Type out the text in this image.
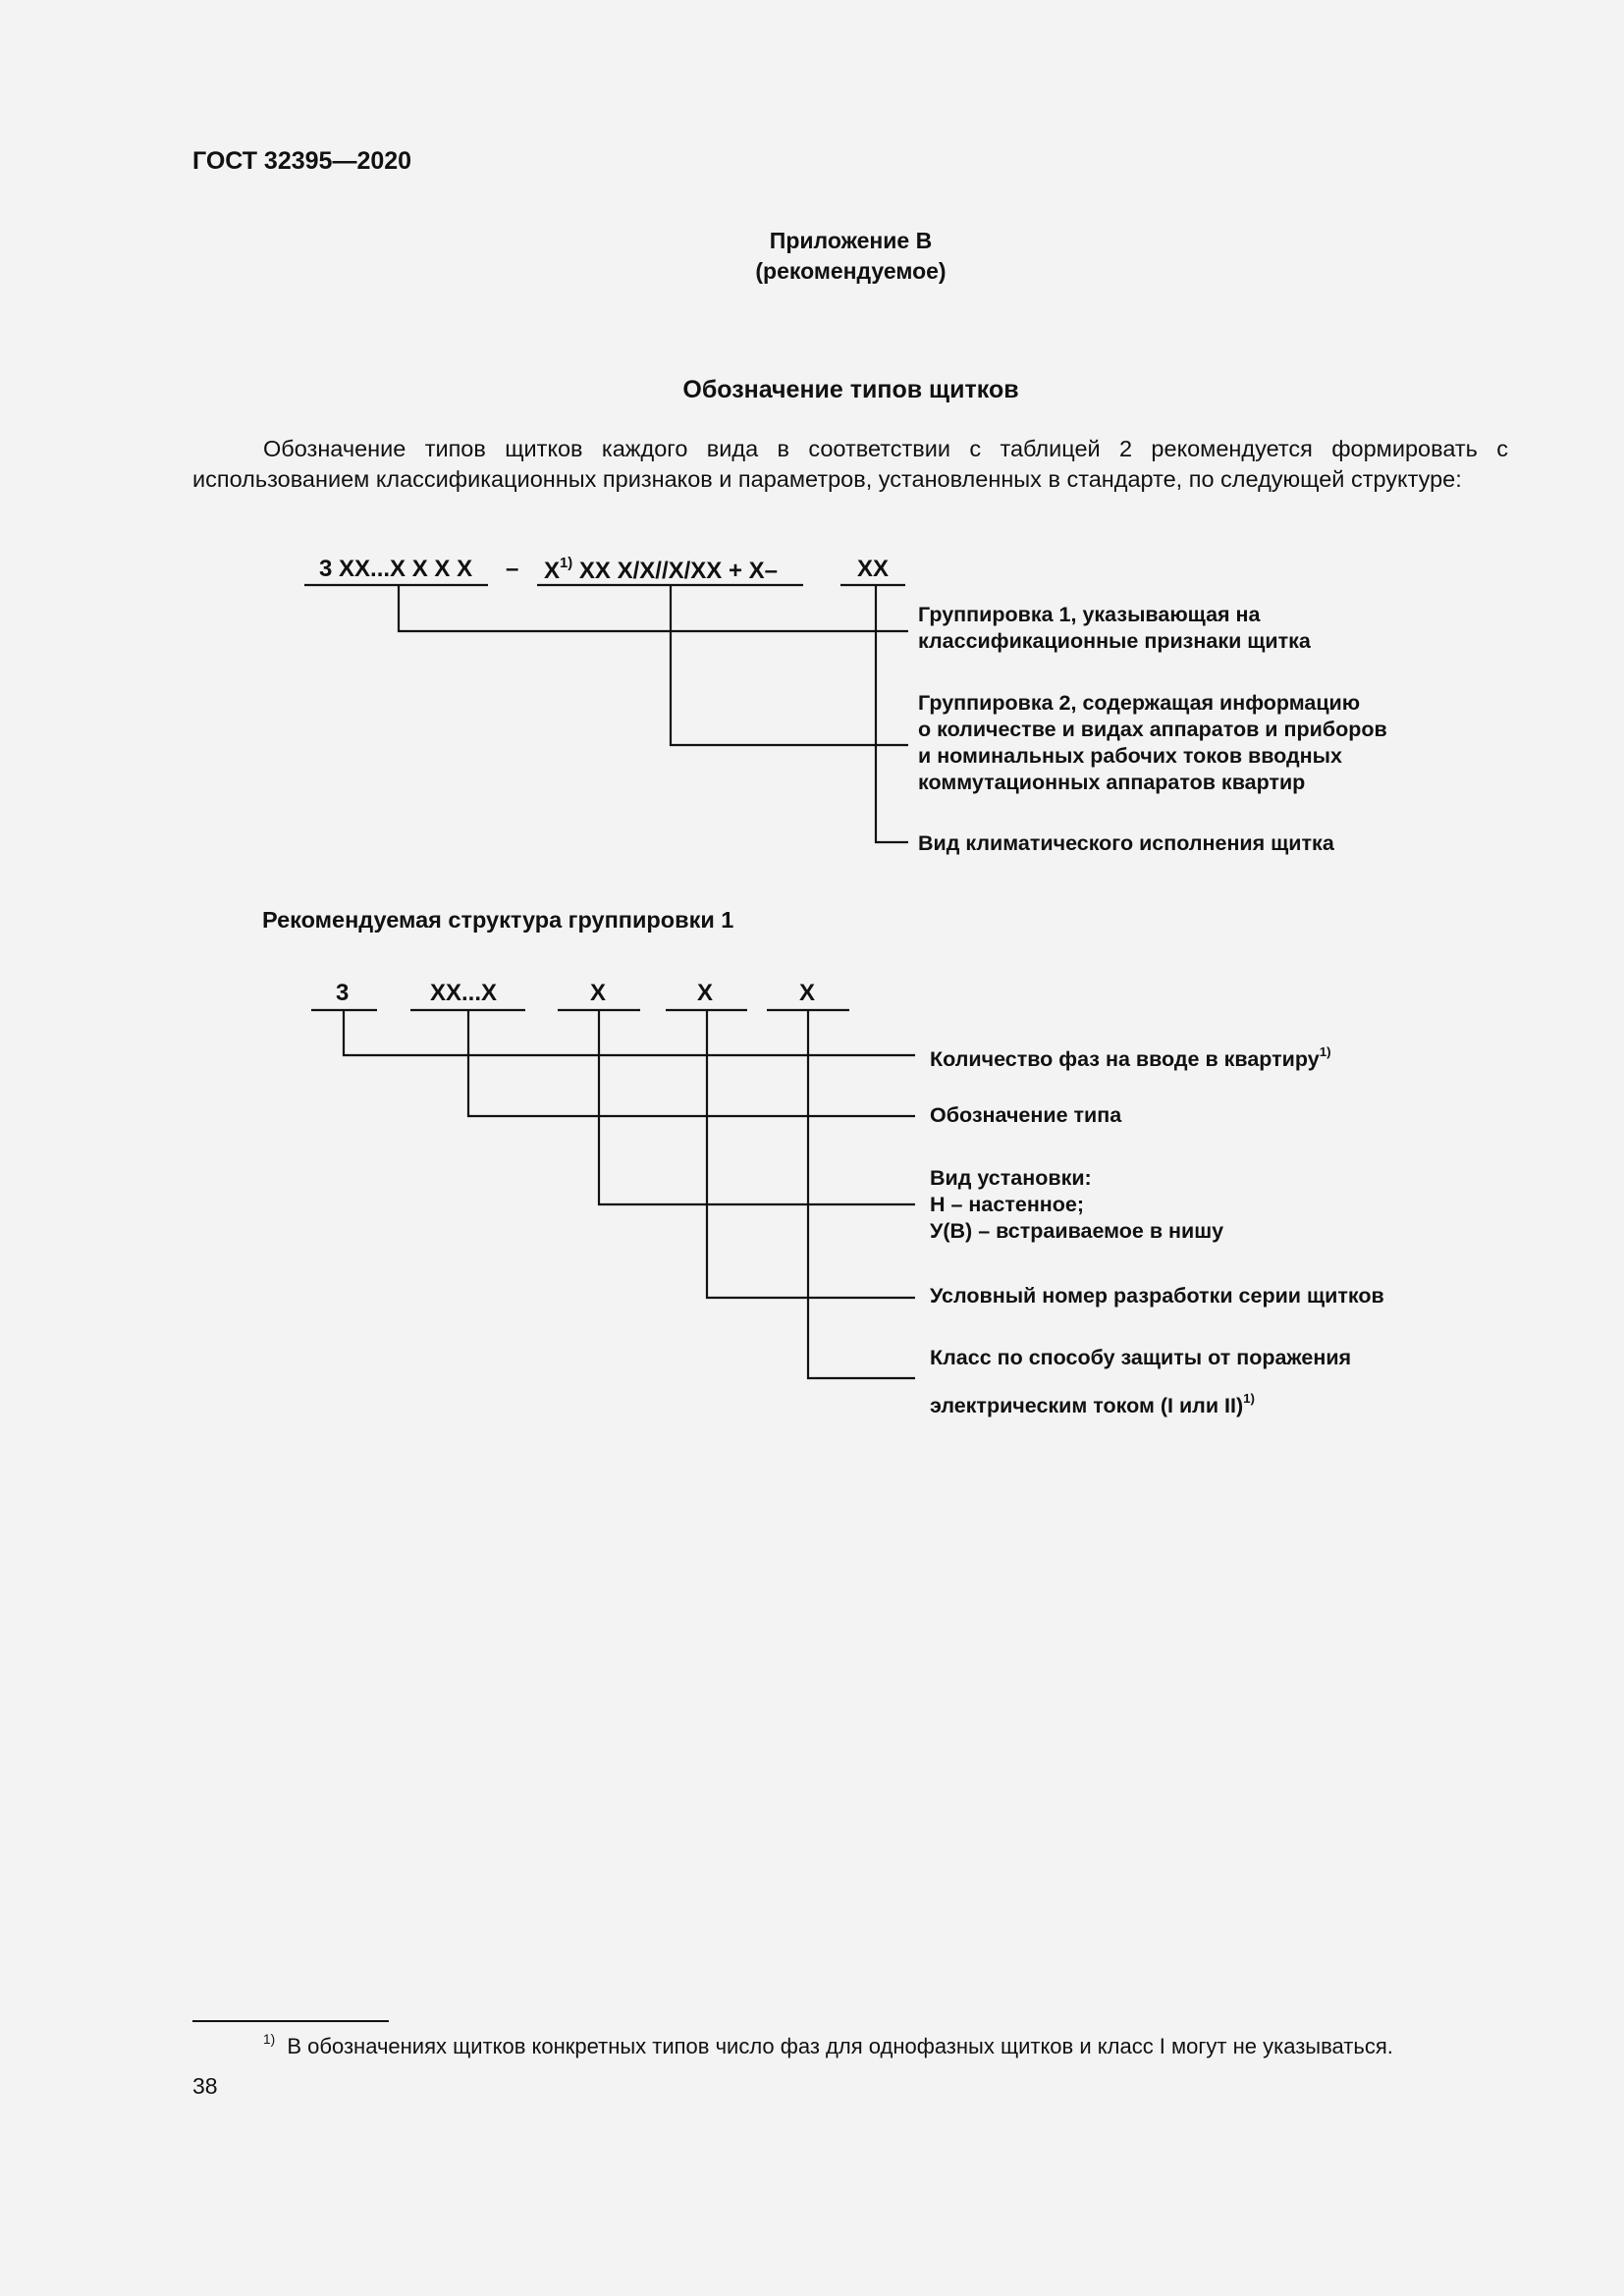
ГОСТ 32395—2020
Приложение В
(рекомендуемое)
Обозначение типов щитков
Обозначение типов щитков каждого вида в соответствии с таблицей 2 рекомендуется формировать с использованием классификационных признаков и параметров, установленных в стандарте, по следующей структуре:
3 XX...X X X X – $X^{1)}$ XX X/X//X/XX + X–	XX

Группировка 1, указывающая на

классификационные признаки щитка

Группировка 2, содержащая информацию

о количестве и видах аппаратов и приборов

и номинальных рабочих токов вводных

коммутационных аппаратов квартир

Вид климатического исполнения щитка
Рекомендуемая структура группировки 1
3	XX...X	X	X	X
Количество фаз на вводе в квартиру$^{1)}$
Обозначение типа

Вид установки:

Н – настенное;

У(В) – встраиваемое в нишу

Условный номер разработки серии щитков

Класс по способу защиты от поражения

электрическим током (I или II)$^{1)}$

$^{1)}$ В обозначениях щитков конкретных типов число фаз для однофазных щитков и класс I могут не указываться.
38
